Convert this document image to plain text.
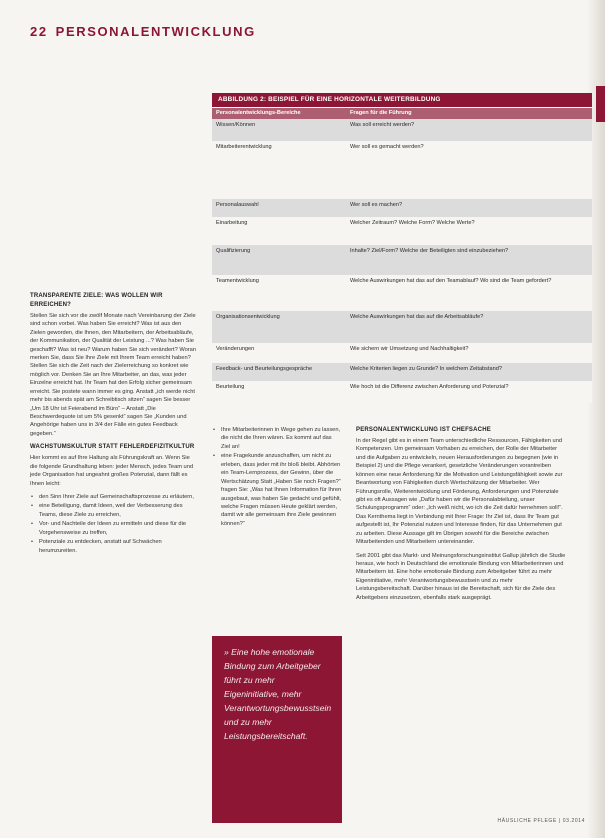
22 PERSONALENTWICKLUNG
ABBILDUNG 2: BEISPIEL FÜR EINE HORIZONTALE WEITERBILDUNG
Personalentwicklungs-Bereiche	Fragen für die Führung
Wissen/Können	Was soll erreicht werden?
Mitarbeiterentwicklung	Wer soll es gemacht werden?
Personalauswahl	Wer soll es machen?
Einarbeitung	Welcher Zeitraum? Welche Form? Welche Werte?
Qualifizierung	Inhalte? Ziel/Form? Welche der Beteiligten sind einzubeziehen?
Teamentwicklung	Welche Auswirkungen hat das auf den Teamablauf? Wo sind die Team gefordert?
Organisationsentwicklung	Welche Auswirkungen hat das auf die Arbeitsabläufe?
Veränderungen	Wie sichern wir Umsetzung und Nachhaltigkeit?
Feedback- und Beurteilungsgespräche	Welche Kriterien liegen zu Grunde? In welchem Zeitabstand?
Beurteilung	Wie hoch ist die Differenz zwischen Anforderung und Potenzial?
TRANSPARENTE ZIELE: WAS WOLLEN WIR ERREICHEN?

Stellen Sie sich vor die zwölf Monate nach Vereinbarung der Ziele sind schon vorbei. Was haben Sie erreicht? Was ist aus den Zielen geworden, die Ihnen, den Mitarbeitern, der Arbeitsabläufe, der Kommunikation, der Qualität der Leistung ...? Was haben Sie geschafft? Was ist neu? Warum haben Sie sich verändert? Woran merken Sie, dass Sie Ihre Ziele mit Ihrem Team erreicht haben? Stellen Sie sich die Zeit nach der Zielerreichung so konkret wie möglich vor. Denken Sie an Ihre Mitarbeiter, an das, was jeder Einzelne erreicht hat. Ihr Team hat den Erfolg sicher gemeinsam erreicht. Sie postete wann immer es ging. Anstatt „ich werde nicht mehr bis abends spät am Schreibtisch sitzen“ sagen Sie besser „Um 18 Uhr ist Feierabend im Büro“ – Anstatt „Die Beschwerdequote ist um 5% gesenkt“ sagen Sie „Kunden und Angehörige haben uns in 3/4 der Fälle ein gutes Feedback gegeben.“

WACHSTUMSKULTUR STATT FEHLERDEFIZITKULTUR

Hier kommt es auf Ihre Haltung als Führungskraft an. Wenn Sie die folgende Grundhaltung leben: jeder Mensch, jedes Team und jede Organisation hat ungeahnt großes Potenzial, dann fällt es Ihnen leicht:

• den Sinn Ihrer Ziele auf Gemeinschaftsprozesse zu erläutern,
• eine Beteiligung, damit Ideen, weil der Verbesserung des Teams, diese Ziele zu erreichen,
• Vor- und Nachteile der Ideen zu ermitteln und diese für die Vorgehensweise zu treffen,
• Potenziale zu entdecken, anstatt auf Schwächen herumzureiten.
• Ihre Mitarbeiterinnen in Wege gehen zu lassen, die nicht die Ihren wären. Es kommt auf das Ziel an!
• eine Fragekunde anzuschaffen, um nicht zu erleben, dass jeder mit ihr bloß bleibt. Abhörten ein Team-Lernprozess, der Gewinn, über die Wertschätzung Statt „Haben Sie noch Fragen?“ fragen Sie: „Was hat Ihnen Information für Ihren ausgebaut, was haben Sie gedacht und gefühlt, welche Fragen müssen Heute geklärt werden, damit wir alle gemeinsam ihre Ziele gewinnen können?“

» Eine hohe emotionale Bindung zum Arbeitgeber führt zu mehr Eigeninitiative, mehr Verantwortungsbewusstsein und zu mehr Leistungsbereitschaft.

PERSONALENTWICKLUNG IST CHEFSACHE

In der Regel gibt es in einem Team unterschiedliche Ressourcen, Fähigkeiten und Kompetenzen. Um gemeinsam Vorhaben zu erreichen, der Rolle der Mitarbeiter und die Aufgaben zu entwickeln, neuen Herausforderungen zu begegnen (wie in Beispiel 2) und die Pflege verankert, gesetzliche Veränderungen vorantreiben können eine neue Anforderung für die Motivation und Leistungsfähigkeit sowie zur Beantwortung von Fähigkeiten durch Wertschätzung der Mitarbeiter. Wer Führungsrolle, Weiterentwicklung und Förderung, Anforderungen und Potenziale gibt es oft Aussagen wie „Dafür haben wir die Personalabteilung, unser Schulungsprogramm“ oder: „Ich weiß nicht, wo ich die Zeit dafür hernehmen soll!“. Das Kernthema liegt in Verbindung mit Ihrer Frage: Ihr Ziel ist, dass Ihr Team gut aufgestellt ist, Ihr Potenzial nutzen und Interesse finden, für das Unternehmen gut zu arbeiten. Diese Aussage gilt im Übrigen sowohl für die Bereiche zwischen Mitarbeitenden und Mitarbeitern untereinander.

Seit 2001 gibt das Markt- und Meinungsforschungsinstitut Gallup jährlich die Studie heraus, wie hoch in Deutschland die emotionale Bindung von Mitarbeiterinnen und Mitarbeitern ist. Eine hohe emotionale Bindung zum Arbeitgeber führt zu mehr Eigeninitiative, mehr Verantwortungsbewusstsein und zu mehr Leistungsbereitschaft. Darüber hinaus ist die Bereitschaft, sich für die Ziele des Arbeitgebers einzusetzen, ebenfalls stark ausgeprägt.

HÄUSLICHE PFLEGE | 03.2014
